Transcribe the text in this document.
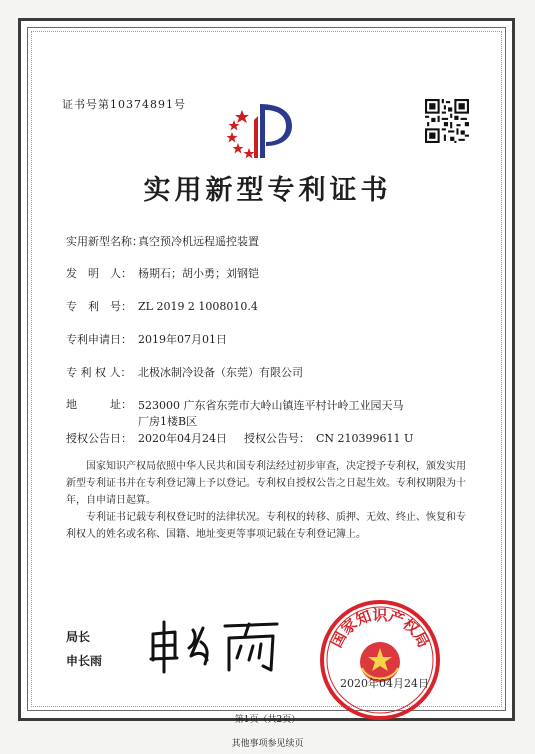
证书号第10374891号
实用新型专利证书
实用新型名称：
真空预冷机远程遥控装置
发　明　人： 杨期石；胡小勇；刘钢铠
专　利　号： ZL 2019 2 1008010.4
专利申请日： 2019年07月01日
专 利 权 人： 北极冰制冷设备（东莞）有限公司
地　　　址： 523000 广东省东莞市大岭山镇连平村计岭工业园天马厂房1楼B区
授权公告日： 2020年04月24日 授权公告号： CN 210399611 U
国家知识产权局依照中华人民共和国专利法经过初步审查，决定授予专利权，颁发实用新型专利证书并在专利登记簿上予以登记。专利权自授权公告之日起生效。专利权期限为十年，自申请日起算。
专利证书记载专利权登记时的法律状况。专利权的转移、质押、无效、终止、恢复和专利权人的姓名或名称、国籍、地址变更等事项记载在专利登记簿上。
局长
申长雨
国家知识产权局
2020年04月24日
第1页（共2页）
其他事项参见续页
